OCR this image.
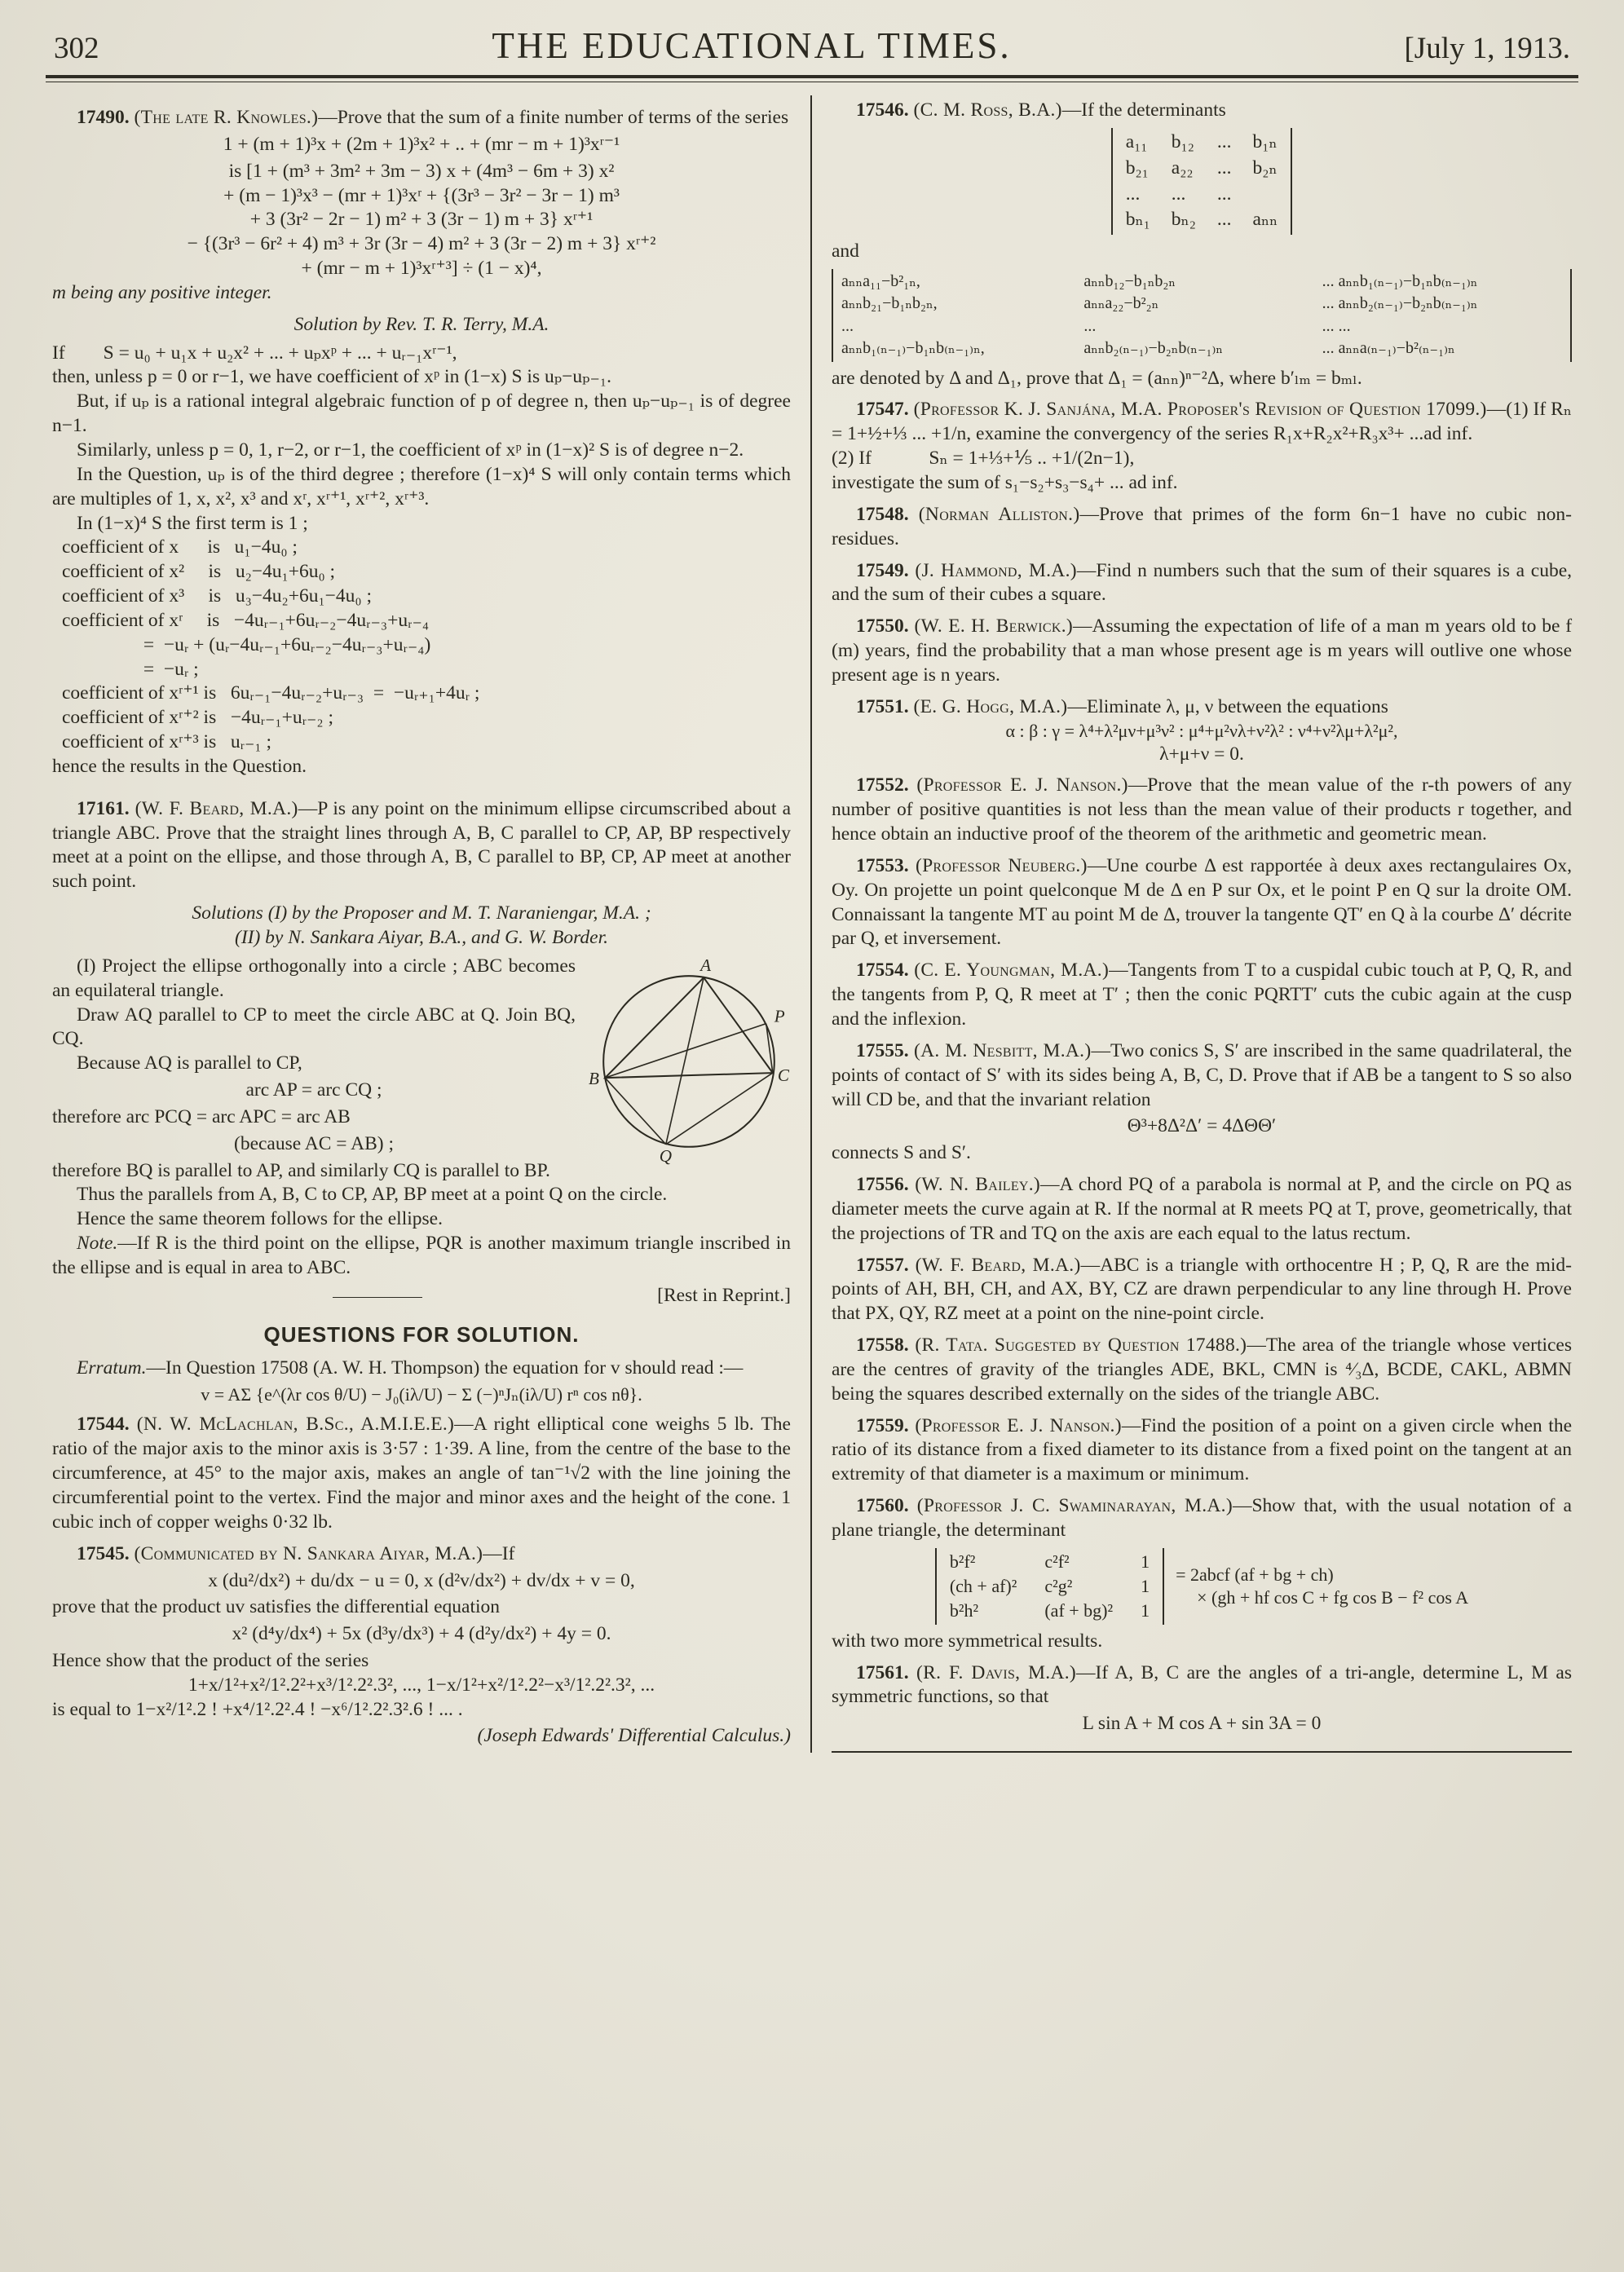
302	THE EDUCATIONAL TIMES.	[July 1, 1913.

17490. (The late R. Knowles.)—Prove that the sum of a finite number of terms of the series

1 + (m + 1)³x + (2m + 1)³x² + .. + (mr − m + 1)³xʳ⁻¹
is [1 + (m³ + 3m² + 3m − 3) x + (4m³ − 6m + 3) x²
+ (m − 1)³x³ − (mr + 1)³xʳ + {(3r³ − 3r² − 3r − 1) m³
+ 3 (3r² − 2r − 1) m² + 3 (3r − 1) m + 3} xʳ⁺¹
− {(3r³ − 6r² + 4) m³ + 3r (3r − 4) m² + 3 (3r − 2) m + 3} xʳ⁺²
+ (mr − m + 1)³xʳ⁺³] ÷ (1 − x)⁴,

m being any positive integer.

Solution by Rev. T. R. Terry, M.A.
If        S = u₀ + u₁x + u₂x² + ... + uₚxᵖ + ... + uᵣ₋₁xʳ⁻¹,

then, unless p = 0 or r−1, we have coefficient of xᵖ in (1−x) S is uₚ−uₚ₋₁.

But, if uₚ is a rational integral algebraic function of p of degree n, then uₚ−uₚ₋₁ is of degree n−1.

Similarly, unless p = 0, 1, r−2, or r−1, the coefficient of xᵖ in (1−x)² S is of degree n−2.

In the Question, uₚ is of the third degree ; therefore (1−x)⁴ S will only contain terms which are multiples of 1, x, x², x³ and xʳ, xʳ⁺¹, xʳ⁺², xʳ⁺³.

In (1−x)⁴ S the first term is 1 ;

coefficient of x      is   u₁−4u₀ ;
coefficient of x²     is   u₂−4u₁+6u₀ ;
coefficient of x³     is   u₃−4u₂+6u₁−4u₀ ;
coefficient of xʳ     is   −4uᵣ₋₁+6uᵣ₋₂−4uᵣ₋₃+uᵣ₋₄
=  −uᵣ + (uᵣ−4uᵣ₋₁+6uᵣ₋₂−4uᵣ₋₃+uᵣ₋₄)
=  −uᵣ ;
coefficient of xʳ⁺¹ is   6uᵣ₋₁−4uᵣ₋₂+uᵣ₋₃  =  −uᵣ₊₁+4uᵣ ;
coefficient of xʳ⁺² is   −4uᵣ₋₁+uᵣ₋₂ ;
coefficient of xʳ⁺³ is   uᵣ₋₁ ;

hence the results in the Question.

17161. (W. F. Beard, M.A.)—P is any point on the minimum ellipse circumscribed about a triangle ABC. Prove that the straight lines through A, B, C parallel to CP, AP, BP respectively meet at a point on the ellipse, and those through A, B, C parallel to BP, CP, AP meet at another such point.

Solutions (I) by the Proposer and M. T. Naraniengar, M.A. ;
(II) by N. Sankara Aiyar, B.A., and G. W. Border.
A
B	C
P
Q

(I) Project the ellipse orthogonally into a circle ; ABC becomes an equilateral triangle.

Draw AQ parallel to CP to meet the circle ABC at Q. Join BQ, CQ.

Because AQ is parallel to CP,

arc AP = arc CQ ;

therefore arc PCQ = arc APC = arc AB

(because AC = AB) ;

therefore BQ is parallel to AP, and similarly CQ is parallel to BP.

Thus the parallels from A, B, C to CP, AP, BP meet at a point Q on the circle.

Hence the same theorem follows for the ellipse.

Note.—If R is the third point on the ellipse, PQR is another maximum triangle inscribed in the ellipse and is equal in area to ABC.

[Rest in Reprint.]
QUESTIONS FOR SOLUTION.

Erratum.—In Question 17508 (A. W. H. Thompson) the equation for v should read :—

v = AΣ {e^(λr cos θ/U) − J₀(iλ/U) − Σ (−)ⁿJₙ(iλ/U) rⁿ cos nθ}.

17544. (N. W. McLachlan, B.Sc., A.M.I.E.E.)—A right elliptical cone weighs 5 lb. The ratio of the major axis to the minor axis is 3·57 : 1·39. A line, from the centre of the base to the circumference, at 45° to the major axis, makes an angle of tan⁻¹√2 with the line joining the circumferential point to the vertex. Find the major and minor axes and the height of the cone. 1 cubic inch of copper weighs 0·32 lb.

17545. (Communicated by N. Sankara Aiyar, M.A.)—If

x (du²/dx²) + du/dx − u = 0, x (d²v/dx²) + dv/dx + v = 0,

prove that the product uv satisfies the differential equation

x² (d⁴y/dx⁴) + 5x (d³y/dx³) + 4 (d²y/dx²) + 4y = 0.

Hence show that the product of the series

1+x/1²+x²/1².2²+x³/1².2².3², ..., 1−x/1²+x²/1².2²−x³/1².2².3², ...

is equal to 1−x²/1².2 ! +x⁴/1².2².4 ! −x⁶/1².2².3².6 ! ... .

(Joseph Edwards' Differential Calculus.)

17546. (C. M. Ross, B.A.)—If the determinants

a₁₁ b₁₂ ... b₁ₙ
b₂₁ a₂₂ ... b₂ₙ
...	...	...
bₙ₁ bₙ₂ ... aₙₙ

and

aₙₙa₁₁−b²₁ₙ,	aₙₙb₁₂−b₁ₙb₂ₙ	... aₙₙb₁₍ₙ₋₁₎−b₁ₙb₍ₙ₋₁₎ₙ
aₙₙb₂₁−b₁ₙb₂ₙ,	aₙₙa₂₂−b²₂ₙ	... aₙₙb₂₍ₙ₋₁₎−b₂ₙb₍ₙ₋₁₎ₙ
...	...	... ...
aₙₙb₁₍ₙ₋₁₎−b₁ₙb₍ₙ₋₁₎ₙ,	aₙₙb₂₍ₙ₋₁₎−b₂ₙb₍ₙ₋₁₎ₙ	... aₙₙa₍ₙ₋₁₎−b²₍ₙ₋₁₎ₙ

are denoted by Δ and Δ₁, prove that Δ₁ = (aₙₙ)ⁿ⁻²Δ, where b′ₗₘ = bₘₗ.

17547. (Professor K. J. Sanjána, M.A. Proposer's Revision of Question 17099.)—(1) If Rₙ = 1+½+⅓ ... +1/n, examine the convergency of the series R₁x+R₂x²+R₃x³+ ...ad inf.

(2) If            Sₙ = 1+⅓+⅕ .. +1/(2n−1),

investigate the sum of s₁−s₂+s₃−s₄+ ... ad inf.

17548. (Norman Alliston.)—Prove that primes of the form 6n−1 have no cubic non-residues.

17549. (J. Hammond, M.A.)—Find n numbers such that the sum of their squares is a cube, and the sum of their cubes a square.

17550. (W. E. H. Berwick.)—Assuming the expectation of life of a man m years old to be f (m) years, find the probability that a man whose present age is m years will outlive one whose present age is n years.

17551. (E. G. Hogg, M.A.)—Eliminate λ, μ, ν between the equations

α : β : γ = λ⁴+λ²μν+μ³ν² : μ⁴+μ²νλ+ν²λ² : ν⁴+ν²λμ+λ²μ²,
λ+μ+ν = 0.

17552. (Professor E. J. Nanson.)—Prove that the mean value of the r-th powers of any number of positive quantities is not less than the mean value of their products r together, and hence obtain an inductive proof of the theorem of the arithmetic and geometric mean.

17553. (Professor Neuberg.)—Une courbe Δ est rapportée à deux axes rectangulaires Ox, Oy. On projette un point quelconque M de Δ en P sur Ox, et le point P en Q sur la droite OM. Connaissant la tangente MT au point M de Δ, trouver la tangente QT′ en Q à la courbe Δ′ décrite par Q, et inversement.

17554. (C. E. Youngman, M.A.)—Tangents from T to a cuspidal cubic touch at P, Q, R, and the tangents from P, Q, R meet at T′ ; then the conic PQRTT′ cuts the cubic again at the cusp and the inflexion.

17555. (A. M. Nesbitt, M.A.)—Two conics S, S′ are inscribed in the same quadrilateral, the points of contact of S′ with its sides being A, B, C, D. Prove that if AB be a tangent to S so also will CD be, and that the invariant relation

Θ³+8Δ²Δ′ = 4ΔΘΘ′

connects S and S′.

17556. (W. N. Bailey.)—A chord PQ of a parabola is normal at P, and the circle on PQ as diameter meets the curve again at R. If the normal at R meets PQ at T, prove, geometrically, that the projections of TR and TQ on the axis are each equal to the latus rectum.

17557. (W. F. Beard, M.A.)—ABC is a triangle with orthocentre H ; P, Q, R are the mid-points of AH, BH, CH, and AX, BY, CZ are drawn perpendicular to any line through H. Prove that PX, QY, RZ meet at a point on the nine-point circle.

17558. (R. Tata. Suggested by Question 17488.)—The area of the triangle whose vertices are the centres of gravity of the triangles ADE, BKL, CMN is ⁴⁄₃Δ, BCDE, CAKL, ABMN being the squares described externally on the sides of the triangle ABC.

17559. (Professor E. J. Nanson.)—Find the position of a point on a given circle when the ratio of its distance from a fixed diameter to its distance from a fixed point on the tangent at an extremity of that diameter is a maximum or minimum.

17560. (Professor J. C. Swaminarayan, M.A.)—Show that, with the usual notation of a plane triangle, the determinant

b²f²	c²f²	1
(ch + af)² c²g²	1
b²h²	(af + bg)² 1
= 2abcf (af + bg + ch)
× (gh + hf cos C + fg cos B − f² cos A

with two more symmetrical results.

17561. (R. F. Davis, M.A.)—If A, B, C are the angles of a tri-angle, determine L, M as symmetric functions, so that

L sin A + M cos A + sin 3A = 0
